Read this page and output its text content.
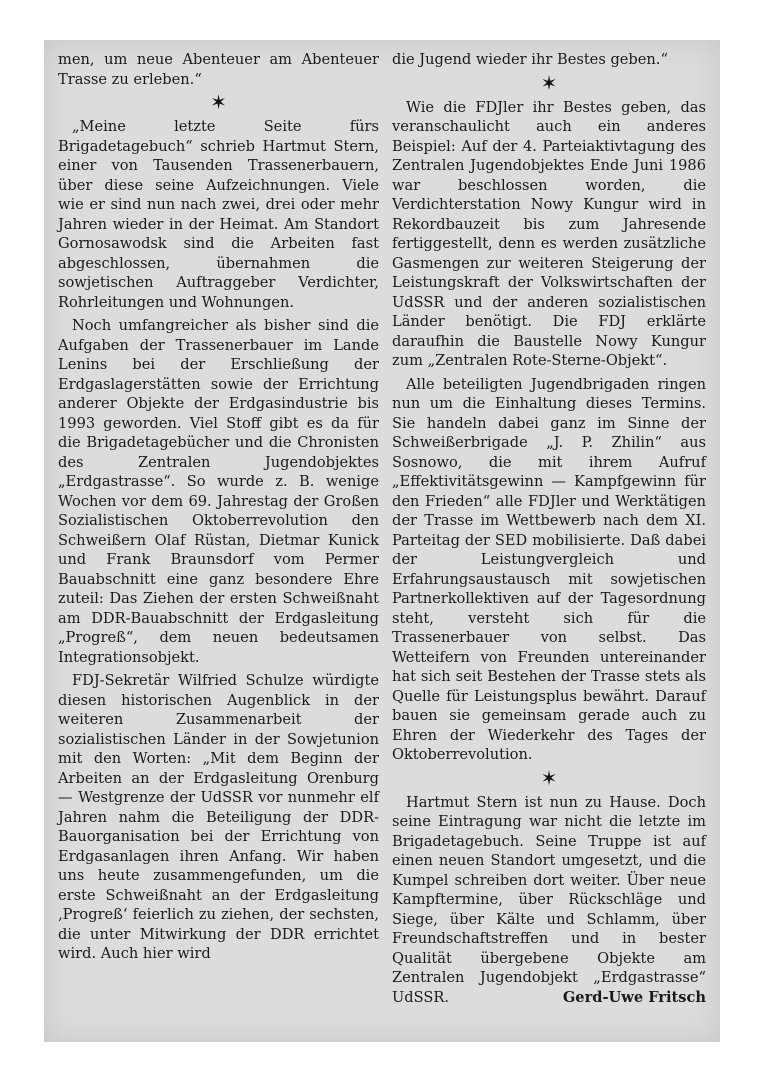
men, um neue Abenteuer am Abenteuer Trasse zu erleben.“

✶

„Meine letzte Seite fürs Brigadetagebuch“ schrieb Hartmut Stern, einer von Tausenden Trassenerbauern, über diese seine Aufzeichnungen. Viele wie er sind nun nach zwei, drei oder mehr Jahren wieder in der Heimat. Am Standort Gornosawodsk sind die Arbeiten fast abgeschlossen, übernahmen die sowjetischen Auftraggeber Verdichter, Rohrleitungen und Wohnungen.

Noch umfangreicher als bisher sind die Aufgaben der Trassenerbauer im Lande Lenins bei der Erschließung der Erdgaslagerstätten sowie der Errichtung anderer Objekte der Erdgasindustrie bis 1993 geworden. Viel Stoff gibt es da für die Brigadetagebücher und die Chronisten des Zentralen Jugendobjektes „Erdgastrasse“. So wurde z. B. wenige Wochen vor dem 69. Jahrestag der Großen Sozialistischen Oktoberrevolution den Schweißern Olaf Rüstan, Dietmar Kunick und Frank Braunsdorf vom Permer Bauabschnitt eine ganz besondere Ehre zuteil: Das Ziehen der ersten Schweißnaht am DDR-Bauabschnitt der Erdgasleitung „Progreß“, dem neuen bedeutsamen Integrationsobjekt.

FDJ-Sekretär Wilfried Schulze würdigte diesen historischen Augenblick in der weiteren Zusammenarbeit der sozialistischen Länder in der Sowjetunion mit den Worten: „Mit dem Beginn der Arbeiten an der Erdgasleitung Orenburg — Westgrenze der UdSSR vor nunmehr elf Jahren nahm die Beteiligung der DDR-Bauorganisation bei der Errichtung von Erdgasanlagen ihren Anfang. Wir haben uns heute zusammengefunden, um die erste Schweißnaht an der Erdgasleitung ‚Progreß‘ feierlich zu ziehen, der sechsten, die unter Mitwirkung der DDR errichtet wird. Auch hier wird

die Jugend wieder ihr Bestes geben.“

✶

Wie die FDJler ihr Bestes geben, das veranschaulicht auch ein anderes Beispiel: Auf der 4. Parteiaktivtagung des Zentralen Jugendobjektes Ende Juni 1986 war beschlossen worden, die Verdichterstation Nowy Kungur wird in Rekordbauzeit bis zum Jahresende fertiggestellt, denn es werden zusätzliche Gasmengen zur weiteren Steigerung der Leistungskraft der Volkswirtschaften der UdSSR und der anderen sozialistischen Länder benötigt. Die FDJ erklärte daraufhin die Baustelle Nowy Kungur zum „Zentralen Rote-Sterne-Objekt“.

Alle beteiligten Jugendbrigaden ringen nun um die Einhaltung dieses Termins. Sie handeln dabei ganz im Sinne der Schweißerbrigade „J. P. Zhilin“ aus Sosnowo, die mit ihrem Aufruf „Effektivitätsgewinn — Kampfgewinn für den Frieden“ alle FDJler und Werktätigen der Trasse im Wettbewerb nach dem XI. Parteitag der SED mobilisierte. Daß dabei der Leistungvergleich und Erfahrungsaustausch mit sowjetischen Partnerkollektiven auf der Tagesordnung steht, versteht sich für die Trassenerbauer von selbst. Das Wetteifern von Freunden untereinander hat sich seit Bestehen der Trasse stets als Quelle für Leistungsplus bewährt. Darauf bauen sie gemeinsam gerade auch zu Ehren der Wiederkehr des Tages der Oktoberrevolution.

✶

Hartmut Stern ist nun zu Hause. Doch seine Eintragung war nicht die letzte im Brigadetagebuch. Seine Truppe ist auf einen neuen Standort umgesetzt, und die Kumpel schreiben dort weiter. Über neue Kampftermine, über Rückschläge und Siege, über Kälte und Schlamm, über Freundschaftstreffen und in bester Qualität übergebene Objekte am Zentralen Jugendobjekt „Erdgastrasse“ UdSSR.	Gerd-Uwe Fritsch
